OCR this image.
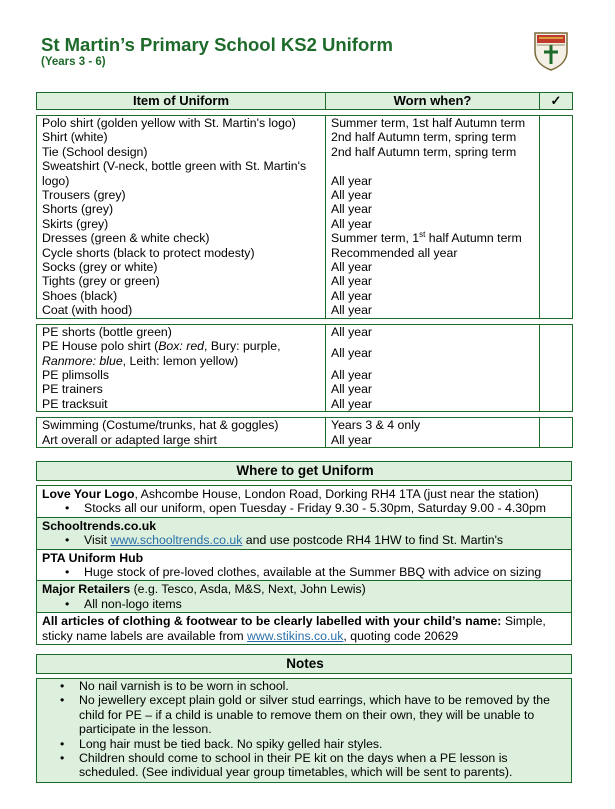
St Martin’s Primary School KS2 Uniform
(Years 3 - 6)
Item of Uniform	Worn when?	✓

Polo shirt (golden yellow with St. Martin's logo)	Summer term, 1st half Autumn term	
Shirt (white)	2nd half Autumn term, spring term	
Tie (School design)	2nd half Autumn term, spring term	
Sweatshirt (V-neck, bottle green with St. Martin's logo)	All year	
Trousers (grey)	All year	
Shorts (grey)	All year	
Skirts (grey)	All year	
Dresses (green & white check)	Summer term, 1st half Autumn term	
Cycle shorts (black to protect modesty)	Recommended all year	
Socks (grey or white)	All year	
Tights (grey or green)	All year	
Shoes (black)	All year	
Coat (with hood)	All year	

PE shorts (bottle green)	All year	
PE House polo shirt (Box: red, Bury: purple,
Ranmore: blue, Leith: lemon yellow)	All year	
PE plimsolls	All year	
PE trainers	All year	
PE tracksuit	All year	

Swimming (Costume/trunks, hat & goggles)	Years 3 & 4 only	
Art overall or adapted large shirt	All year	
Where to get Uniform

Love Your Logo, Ashcombe House, London Road, Dorking RH4 1TA (just near the station)
• Stocks all our uniform, open Tuesday - Friday 9.30 - 5.30pm, Saturday 9.00 - 4.30pm

Schooltrends.co.uk
• Visit www.schooltrends.co.uk and use postcode RH4 1HW to find St. Martin's

PTA Uniform Hub
• Huge stock of pre-loved clothes, available at the Summer BBQ with advice on sizing

Major Retailers (e.g. Tesco, Asda, M&S, Next, John Lewis)
• All non-logo items

All articles of clothing & footwear to be clearly labelled with your child’s name: Simple, sticky name labels are available from www.stikins.co.uk, quoting code 20629
Notes

• No nail varnish is to be worn in school.
• No jewellery except plain gold or silver stud earrings, which have to be removed by the child for PE – if a child is unable to remove them on their own, they will be unable to participate in the lesson.
• Long hair must be tied back. No spiky gelled hair styles.
• Children should come to school in their PE kit on the days when a PE lesson is scheduled. (See individual year group timetables, which will be sent to parents).
